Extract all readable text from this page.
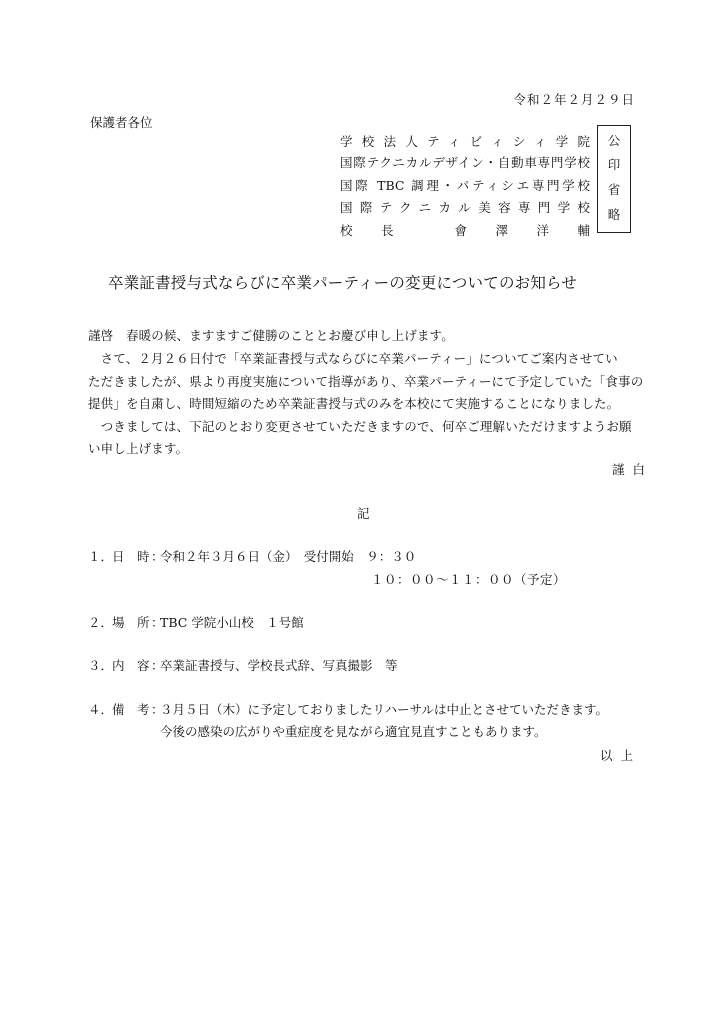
令和２年２月２９日
保護者各位
学校法人ティビィシィ学院
国際テクニカルデザイン・自動車専門学校
国際 TBC 調理・パティシエ専門学校
国際テクニカル美容専門学校
校長 會澤洋輔
公
印
省
略
卒業証書授与式ならびに卒業パーティーの変更についてのお知らせ
謹啓　春暖の候、ますますご健勝のこととお慶び申し上げます。
　さて、２月２６日付で「卒業証書授与式ならびに卒業パーティー」についてご案内させてい
ただきましたが、県より再度実施について指導があり、卒業パーティーにて予定していた「食事の
提供」を自粛し、時間短縮のため卒業証書授与式のみを本校にて実施することになりました。
　つきましては、下記のとおり変更させていただきますので、何卒ご理解いただけますようお願
い申し上げます。
謹白
記
１．
日　時 ：
令和２年３月６日（金）　受付開始　９：３０
１０：００～１１：００（予定）
２．
場　所 ：
TBC 学院小山校　１号館
３．
内　容 ：
卒業証書授与、学校長式辞、写真撮影　等
４．
備　考 ：
３月５日（木）に予定しておりましたリハーサルは中止とさせていただきます。
今後の感染の広がりや重症度を見ながら適宜見直すこともあります。
以上
